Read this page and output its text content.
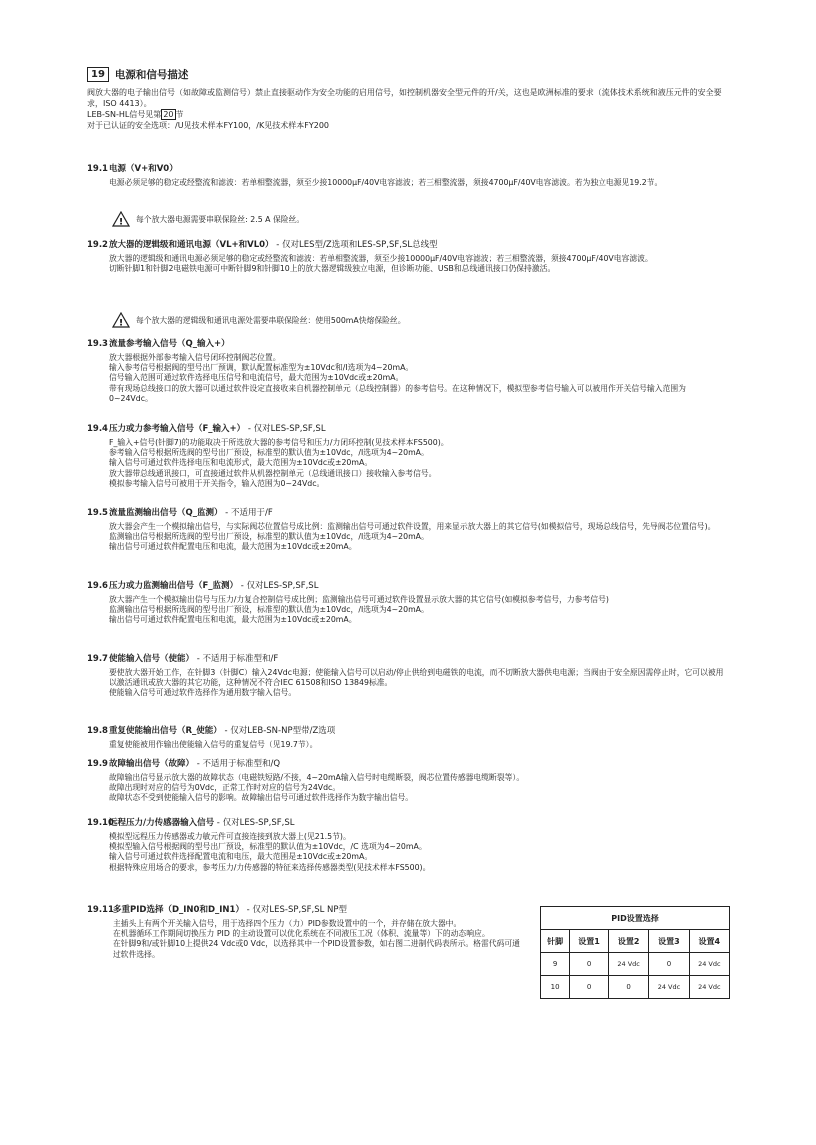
19 电源和信号描述

阀放大器的电子输出信号（如故障或监测信号）禁止直接驱动作为安全功能的启用信号，如控制机器安全型元件的开/关，这也是欧洲标准的要求（流体技术系统和液压元件的安全要求，ISO 4413）。

LEB-SN-HL信号见第 20 节

对于已认证的安全选项：/U见技术样本FY100，/K见技术样本FY200

19.1 电源（V+和V0）

电源必须足够的稳定或经整流和滤波：若单相整流器，须至少接10000μF/40V电容滤波；若三相整流器，须接4700μF/40V电容滤波。若为独立电源见19.2节。

! 每个放大器电源需要串联保险丝: 2.5 A 保险丝。
19.2 放大器的逻辑级和通讯电源（VL+和VL0） - 仅对LES型/Z选项和LES-SP,SF,SL总线型

放大器的逻辑级和通讯电源必须足够的稳定或经整流和滤波：若单相整流器，须至少接10000μF/40V电容滤波；若三相整流器，须接4700μF/40V电容滤波。

切断针脚1和针脚2电磁铁电源可中断针脚9和针脚10上的放大器逻辑级独立电源，但诊断功能、USB和总线通讯接口仍保持激活。

! 每个放大器的逻辑级和通讯电源处需要串联保险丝：使用500mA快熔保险丝。
19.3 流量参考输入信号（Q_输入+）

放大器根据外部参考输入信号闭环控制阀芯位置。

输入参考信号根据阀的型号出厂预调，默认配置标准型为±10Vdc和/I选项为4~20mA。

信号输入范围可通过软件选择电压信号和电流信号，最大范围为±10Vdc或±20mA。

带有现场总线接口的放大器可以通过软件设定直接收来自机器控制单元（总线控制器）的参考信号。在这种情况下，模拟型参考信号输入可以被用作开关信号输入范围为0~24Vdc。

19.4 压力或力参考输入信号（F_输入+） - 仅对LES-SP,SF,SL

F_输入+信号(针脚7)的功能取决于所选放大器的参考信号和压力/力闭环控制(见技术样本FS500)。

参考输入信号根据所选阀的型号出厂预设，标准型的默认值为±10Vdc，/I选项为4~20mA。

输入信号可通过软件选择电压和电流形式，最大范围为±10Vdc或±20mA。

放大器带总线通讯接口，可直接通过软件从机器控制单元（总线通讯接口）接收输入参考信号。

模拟参考输入信号可被用于开关指令，输入范围为0~24Vdc。

19.5 流量监测输出信号（Q_监测） - 不适用于/F

放大器会产生一个模拟输出信号，与实际阀芯位置信号成比例：监测输出信号可通过软件设置，用来显示放大器上的其它信号(如模拟信号，现场总线信号，先导阀芯位置信号)。

监测输出信号根据所选阀的型号出厂预设，标准型的默认值为±10Vdc，/I选项为4~20mA。

输出信号可通过软件配置电压和电流，最大范围为±10Vdc或±20mA。

19.6 压力或力监测输出信号（F_监测） - 仅对LES-SP,SF,SL

放大器产生一个模拟输出信号与压力/力复合控制信号成比例；监测输出信号可通过软件设置显示放大器的其它信号(如模拟参考信号，力参考信号)

监测输出信号根据所选阀的型号出厂预设，标准型的默认值为±10Vdc，/I选项为4~20mA。

输出信号可通过软件配置电压和电流，最大范围为±10Vdc或±20mA。

19.7 使能输入信号（使能） - 不适用于标准型和/F

要使放大器开始工作，在针脚3（针脚C）输入24Vdc电源；使能输入信号可以启动/停止供给到电磁铁的电流，而不切断放大器供电电源；当阀由于安全原因需停止时，它可以被用以激活通讯或放大器的其它功能，这种情况不符合IEC 61508和ISO 13849标准。

使能输入信号可通过软件选择作为通用数字输入信号。

19.8 重复使能输出信号（R_使能） - 仅对LEB-SN-NP型带/Z选项

重复使能被用作输出使能输入信号的重复信号（见19.7节）。

19.9 故障输出信号（故障） - 不适用于标准型和/Q

故障输出信号显示放大器的故障状态（电磁铁短路/不接，4~20mA输入信号时电缆断裂，阀芯位置传感器电缆断裂等）。

故障出现时对应的信号为0Vdc，正常工作时对应的信号为24Vdc。

故障状态不受到使能输入信号的影响。故障输出信号可通过软件选择作为数字输出信号。

19.10
远程压力/力传感器输入信号 - 仅对LES-SP,SF,SL

模拟型远程压力传感器或力敏元件可直接连接到放大器上(见21.5节)。

模拟型输入信号根据阀的型号出厂预设，标准型的默认值为±10Vdc，/C 选项为4~20mA。

输入信号可通过软件选择配置电流和电压，最大范围是±10Vdc或±20mA。

根据特殊应用场合的要求，参考压力/力传感器的特征来选择传感器类型(见技术样本FS500)。

19.11 多重PID选择（D_IN0和D_IN1） - 仅对LES-SP,SF,SL NP型

主插头上有两个开关输入信号，用于选择四个压力（力）PID参数设置中的一个，并存储在放大器中。

在机器循环工作期间切换压力 PID 的主动设置可以优化系统在不同液压工况（体积、流量等）下的动态响应。

在针脚9和/或针脚10上提供24 Vdc或0 Vdc，以选择其中一个PID设置参数，如右图二进制代码表所示。格雷代码可通过软件选择。

PID设置选择				
针脚	设置1	设置2	设置3	设置4
9	0	24 Vdc	0	24 Vdc
10	0	0	24 Vdc	24 Vdc
